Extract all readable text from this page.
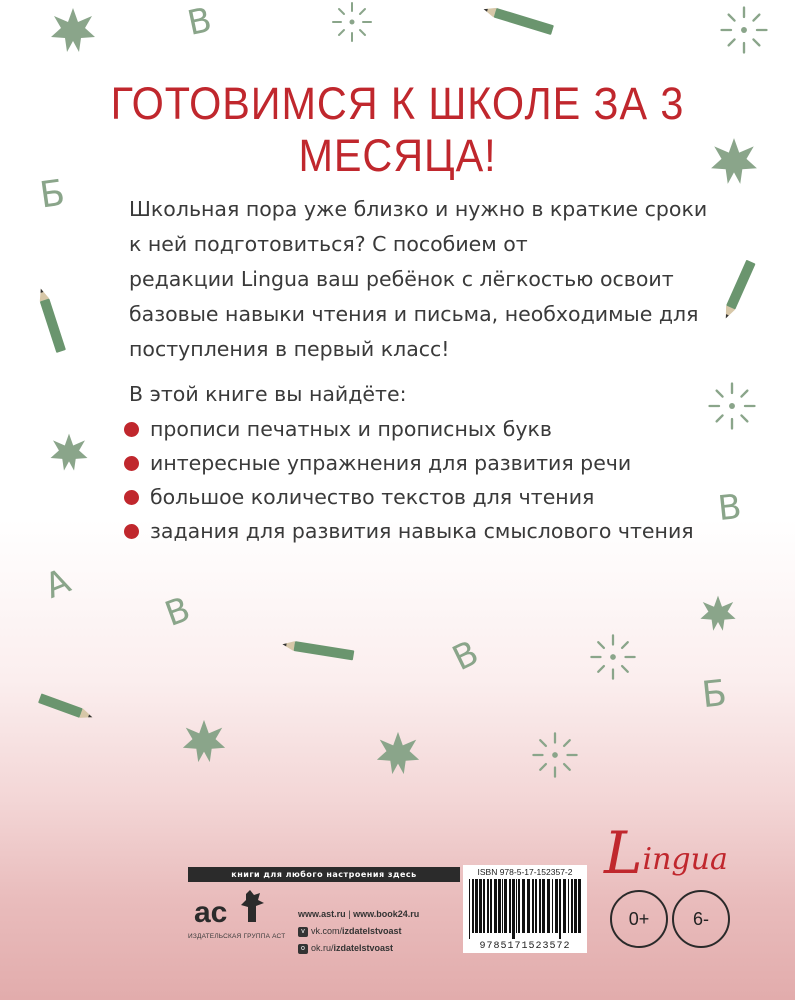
В
Б
А
В
В
Б
В
ГОТОВИМСЯ К ШКОЛЕ ЗА 3 МЕСЯЦА!

Школьная пора уже близко и нужно в краткие сроки
к ней подготовиться? С пособием от
редакции Lingua ваш ребёнок с лёгкостью освоит
базовые навыки чтения и письма, необходимые для
поступления в первый класс!

В этой книге вы найдёте:
прописи печатных и прописных букв
интересные упражнения для развития речи
большое количество текстов для чтения
задания для развития навыка смыслового чтения
книги для любого настроения здесь
ac
ИЗДАТЕЛЬСКАЯ ГРУППА АСТ
www.ast.ru | www.book24.ru
v vk.com/izdatelstvoast
o ok.ru/izdatelstvoast
ISBN 978-5-17-152357-2
9785171523572
Lingua
0+	6-
